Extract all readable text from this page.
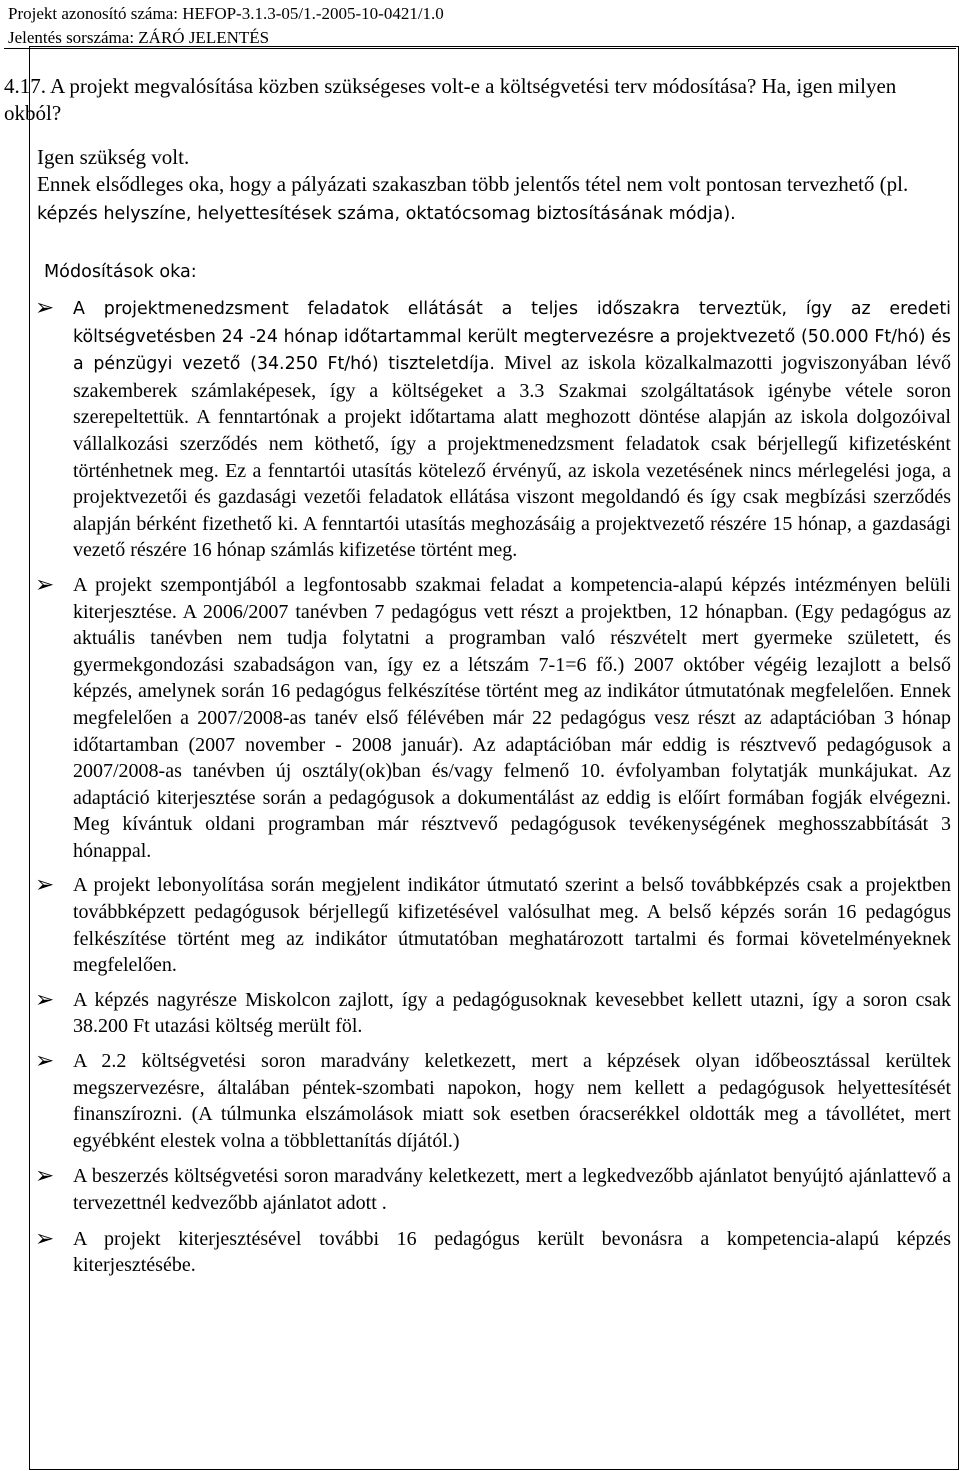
Projekt azonosító száma: HEFOP-3.1.3-05/1.-2005-10-0421/1.0
Jelentés sorszáma: ZÁRÓ JELENTÉS
4.17. A projekt megvalósítása közben szükségeses volt-e a költségvetési terv módosítása? Ha, igen milyen okból?

Igen szükség volt.

Ennek elsődleges oka, hogy a pályázati szakaszban több jelentős tétel nem volt pontosan tervezhető (pl. képzés helyszíne, helyettesítések száma, oktatócsomag biztosításának módja).

Módosítások oka:
➢ A projektmenedzsment feladatok ellátását a teljes időszakra terveztük, így az eredeti költségvetésben 24 -24 hónap időtartammal került megtervezésre a projektvezető (50.000 Ft/hó) és a pénzügyi vezető (34.250 Ft/hó) tiszteletdíja. Mivel az iskola közalkalmazotti jogviszonyában lévő szakemberek számlaképesek, így a költségeket a 3.3 Szakmai szolgáltatások igénybe vétele soron szerepeltettük. A fenntartónak a projekt időtartama alatt meghozott döntése alapján az iskola dolgozóival vállalkozási szerződés nem köthető, így a projektmenedzsment feladatok csak bérjellegű kifizetésként történhetnek meg. Ez a fenntartói utasítás kötelező érvényű, az iskola vezetésének nincs mérlegelési joga, a projektvezetői és gazdasági vezetői feladatok ellátása viszont megoldandó és így csak megbízási szerződés alapján bérként fizethető ki. A fenntartói utasítás meghozásáig a projektvezető részére 15 hónap, a gazdasági vezető részére 16 hónap számlás kifizetése történt meg.
➢ A projekt szempontjából a legfontosabb szakmai feladat a kompetencia-alapú képzés intézményen belüli kiterjesztése. A 2006/2007 tanévben 7 pedagógus vett részt a projektben, 12 hónapban. (Egy pedagógus az aktuális tanévben nem tudja folytatni a programban való részvételt mert gyermeke született, és gyermekgondozási szabadságon van, így ez a létszám 7-1=6 fő.) 2007 október végéig lezajlott a belső képzés, amelynek során 16 pedagógus felkészítése történt meg az indikátor útmutatónak megfelelően. Ennek megfelelően a 2007/2008-as tanév első félévében már 22 pedagógus vesz részt az adaptációban 3 hónap időtartamban (2007 november - 2008 január). Az adaptációban már eddig is résztvevő pedagógusok a 2007/2008-as tanévben új osztály(ok)ban és/vagy felmenő 10. évfolyamban folytatják munkájukat. Az adaptáció kiterjesztése során a pedagógusok a dokumentálást az eddig is előírt formában fogják elvégezni. Meg kívántuk oldani programban már résztvevő pedagógusok tevékenységének meghosszabbítását 3 hónappal.
➢ A projekt lebonyolítása során megjelent indikátor útmutató szerint a belső továbbképzés csak a projektben továbbképzett pedagógusok bérjellegű kifizetésével valósulhat meg. A belső képzés során 16 pedagógus felkészítése történt meg az indikátor útmutatóban meghatározott tartalmi és formai követelményeknek megfelelően.
➢ A képzés nagyrésze Miskolcon zajlott, így a pedagógusoknak kevesebbet kellett utazni, így a soron csak 38.200 Ft utazási költség merült föl.
➢ A 2.2 költségvetési soron maradvány keletkezett, mert a képzések olyan időbeosztással kerültek megszervezésre, általában péntek-szombati napokon, hogy nem kellett a pedagógusok helyettesítését finanszírozni. (A túlmunka elszámolások miatt sok esetben óracserékkel oldották meg a távollétet, mert egyébként elestek volna a többlettanítás díjától.)
➢ A beszerzés költségvetési soron maradvány keletkezett, mert a legkedvezőbb ajánlatot benyújtó ajánlattevő a tervezettnél kedvezőbb ajánlatot adott .
➢ A projekt kiterjesztésével további 16 pedagógus került bevonásra a kompetencia-alapú képzés kiterjesztésébe.
